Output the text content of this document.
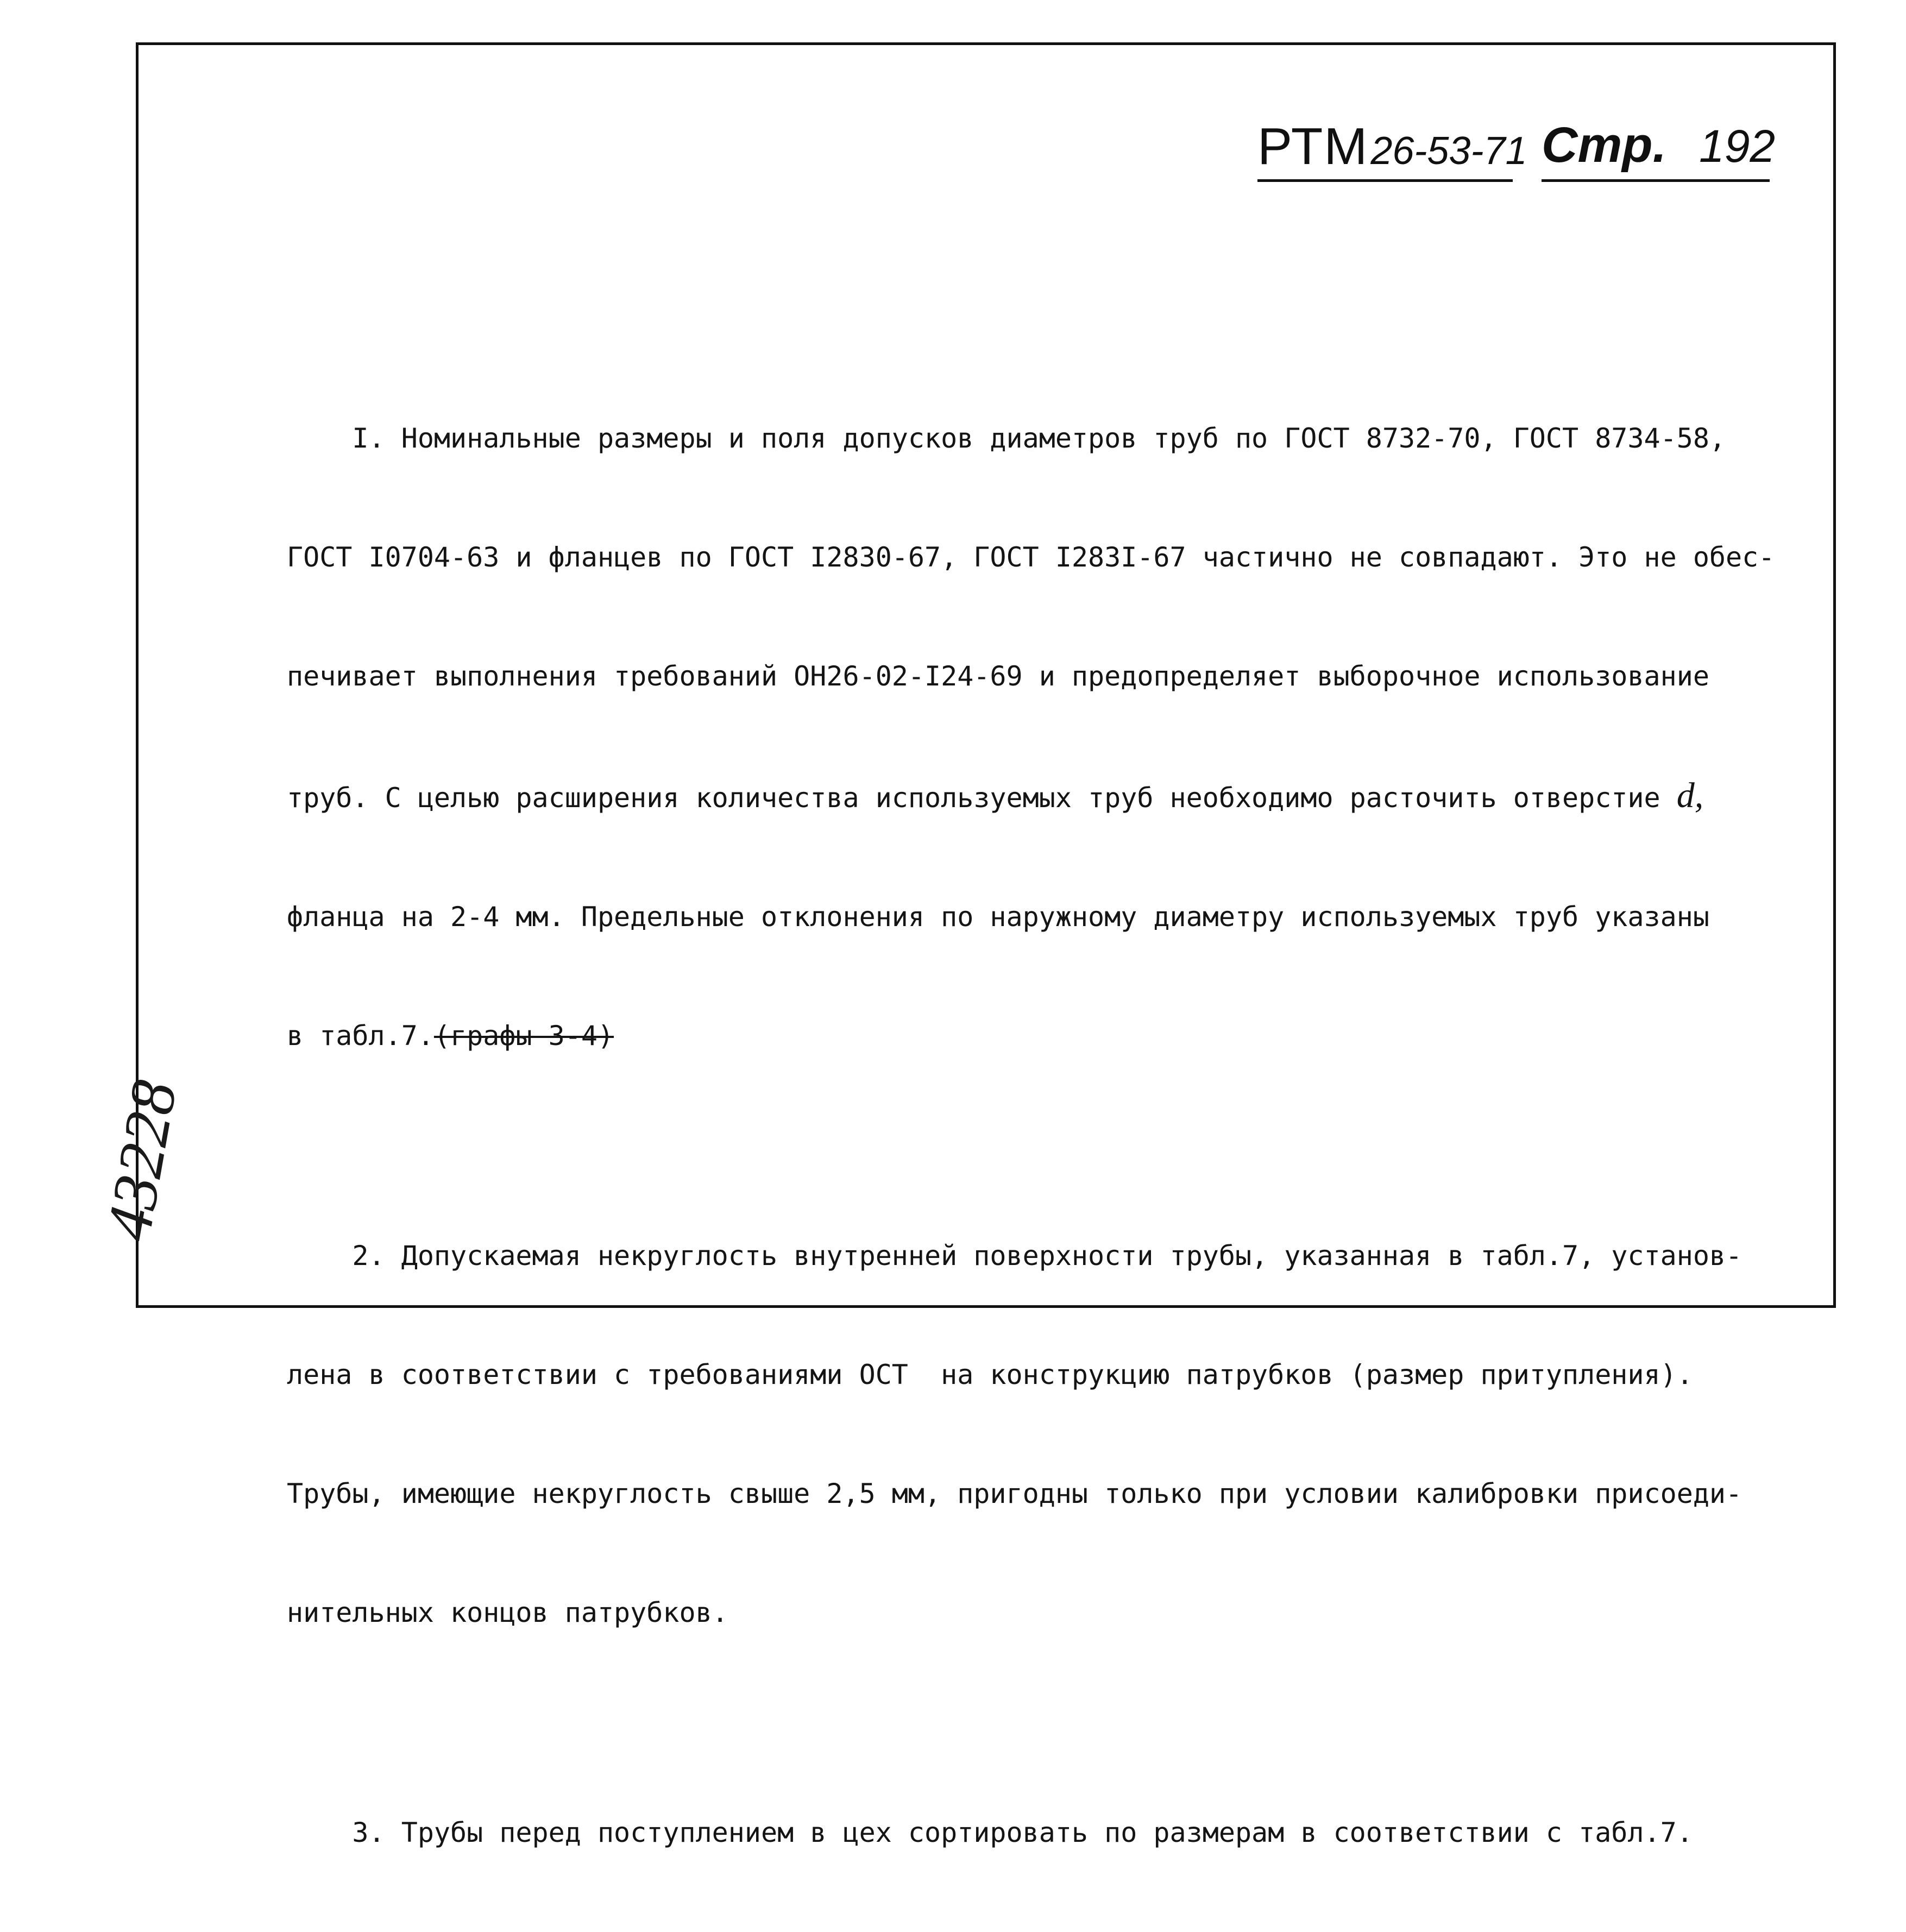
РТМ26-53-71 Стр. 192

I. Номинальные размеры и поля допусков диаметров труб по ГОСТ 8732-70, ГОСТ 8734-58,

ГОСТ I0704-63 и фланцев по ГОСТ I2830-67, ГОСТ I283I-67 частично не совпадают. Это не обес-

печивает выполнения требований ОН26-02-I24-69 и предопределяет выборочное использование

труб. С целью расширения количества используемых труб необходимо расточить отверстие d,

фланца на 2-4 мм. Предельные отклонения по наружному диаметру используемых труб указаны

в табл.7.(графы 3-4)

2. Допускаемая некруглость внутренней поверхности трубы, указанная в табл.7, установ-

лена в соответствии с требованиями ОСТ  на конструкцию патрубков (размер притупления).

Трубы, имеющие некруглость свыше 2,5 мм, пригодны только при условии калибровки присоеди-

нительных концов патрубков.

3. Трубы перед поступлением в цех сортировать по размерам в соответствии с табл.7.

43228
